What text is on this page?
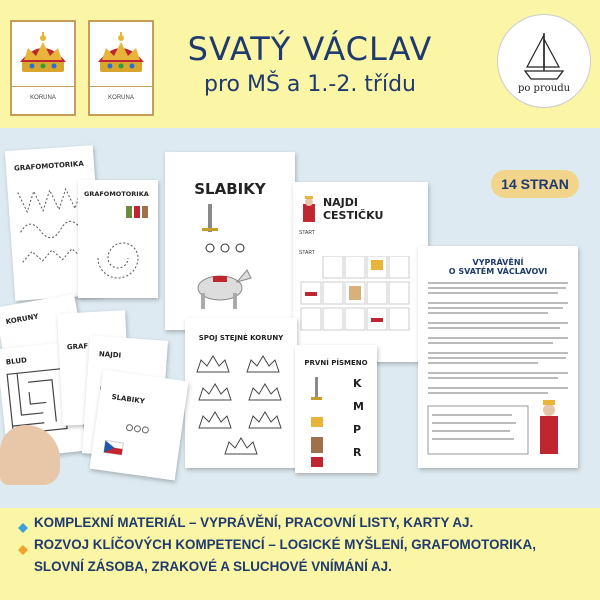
KORUNA	KORUNA
SVATÝ VÁCLAV
pro MŠ a 1.-2. třídu	po proudu
GRAFOMOTORIKA
GRAFOMOTORIKA	SLABIKY
NAJDI CESTIČKU
START
START
VYPRÁVĚNÍ
O SVATÉM VÁCLAVOVI
SPOJ STEJNÉ KORUNY
PRVNÍ PÍSMENO
K
M
P
R
KORUNY
BLUD
GRAF
NAJDI
SLABIKY
14 STRAN
KOMPLEXNÍ MATERIÁL – VYPRÁVĚNÍ, PRACOVNÍ LISTY, KARTY AJ.
ROZVOJ KLÍČOVÝCH KOMPETENCÍ – LOGICKÉ MYŠLENÍ, GRAFOMOTORIKA,
SLOVNÍ ZÁSOBA, ZRAKOVÉ A SLUCHOVÉ VNÍMÁNÍ AJ.
